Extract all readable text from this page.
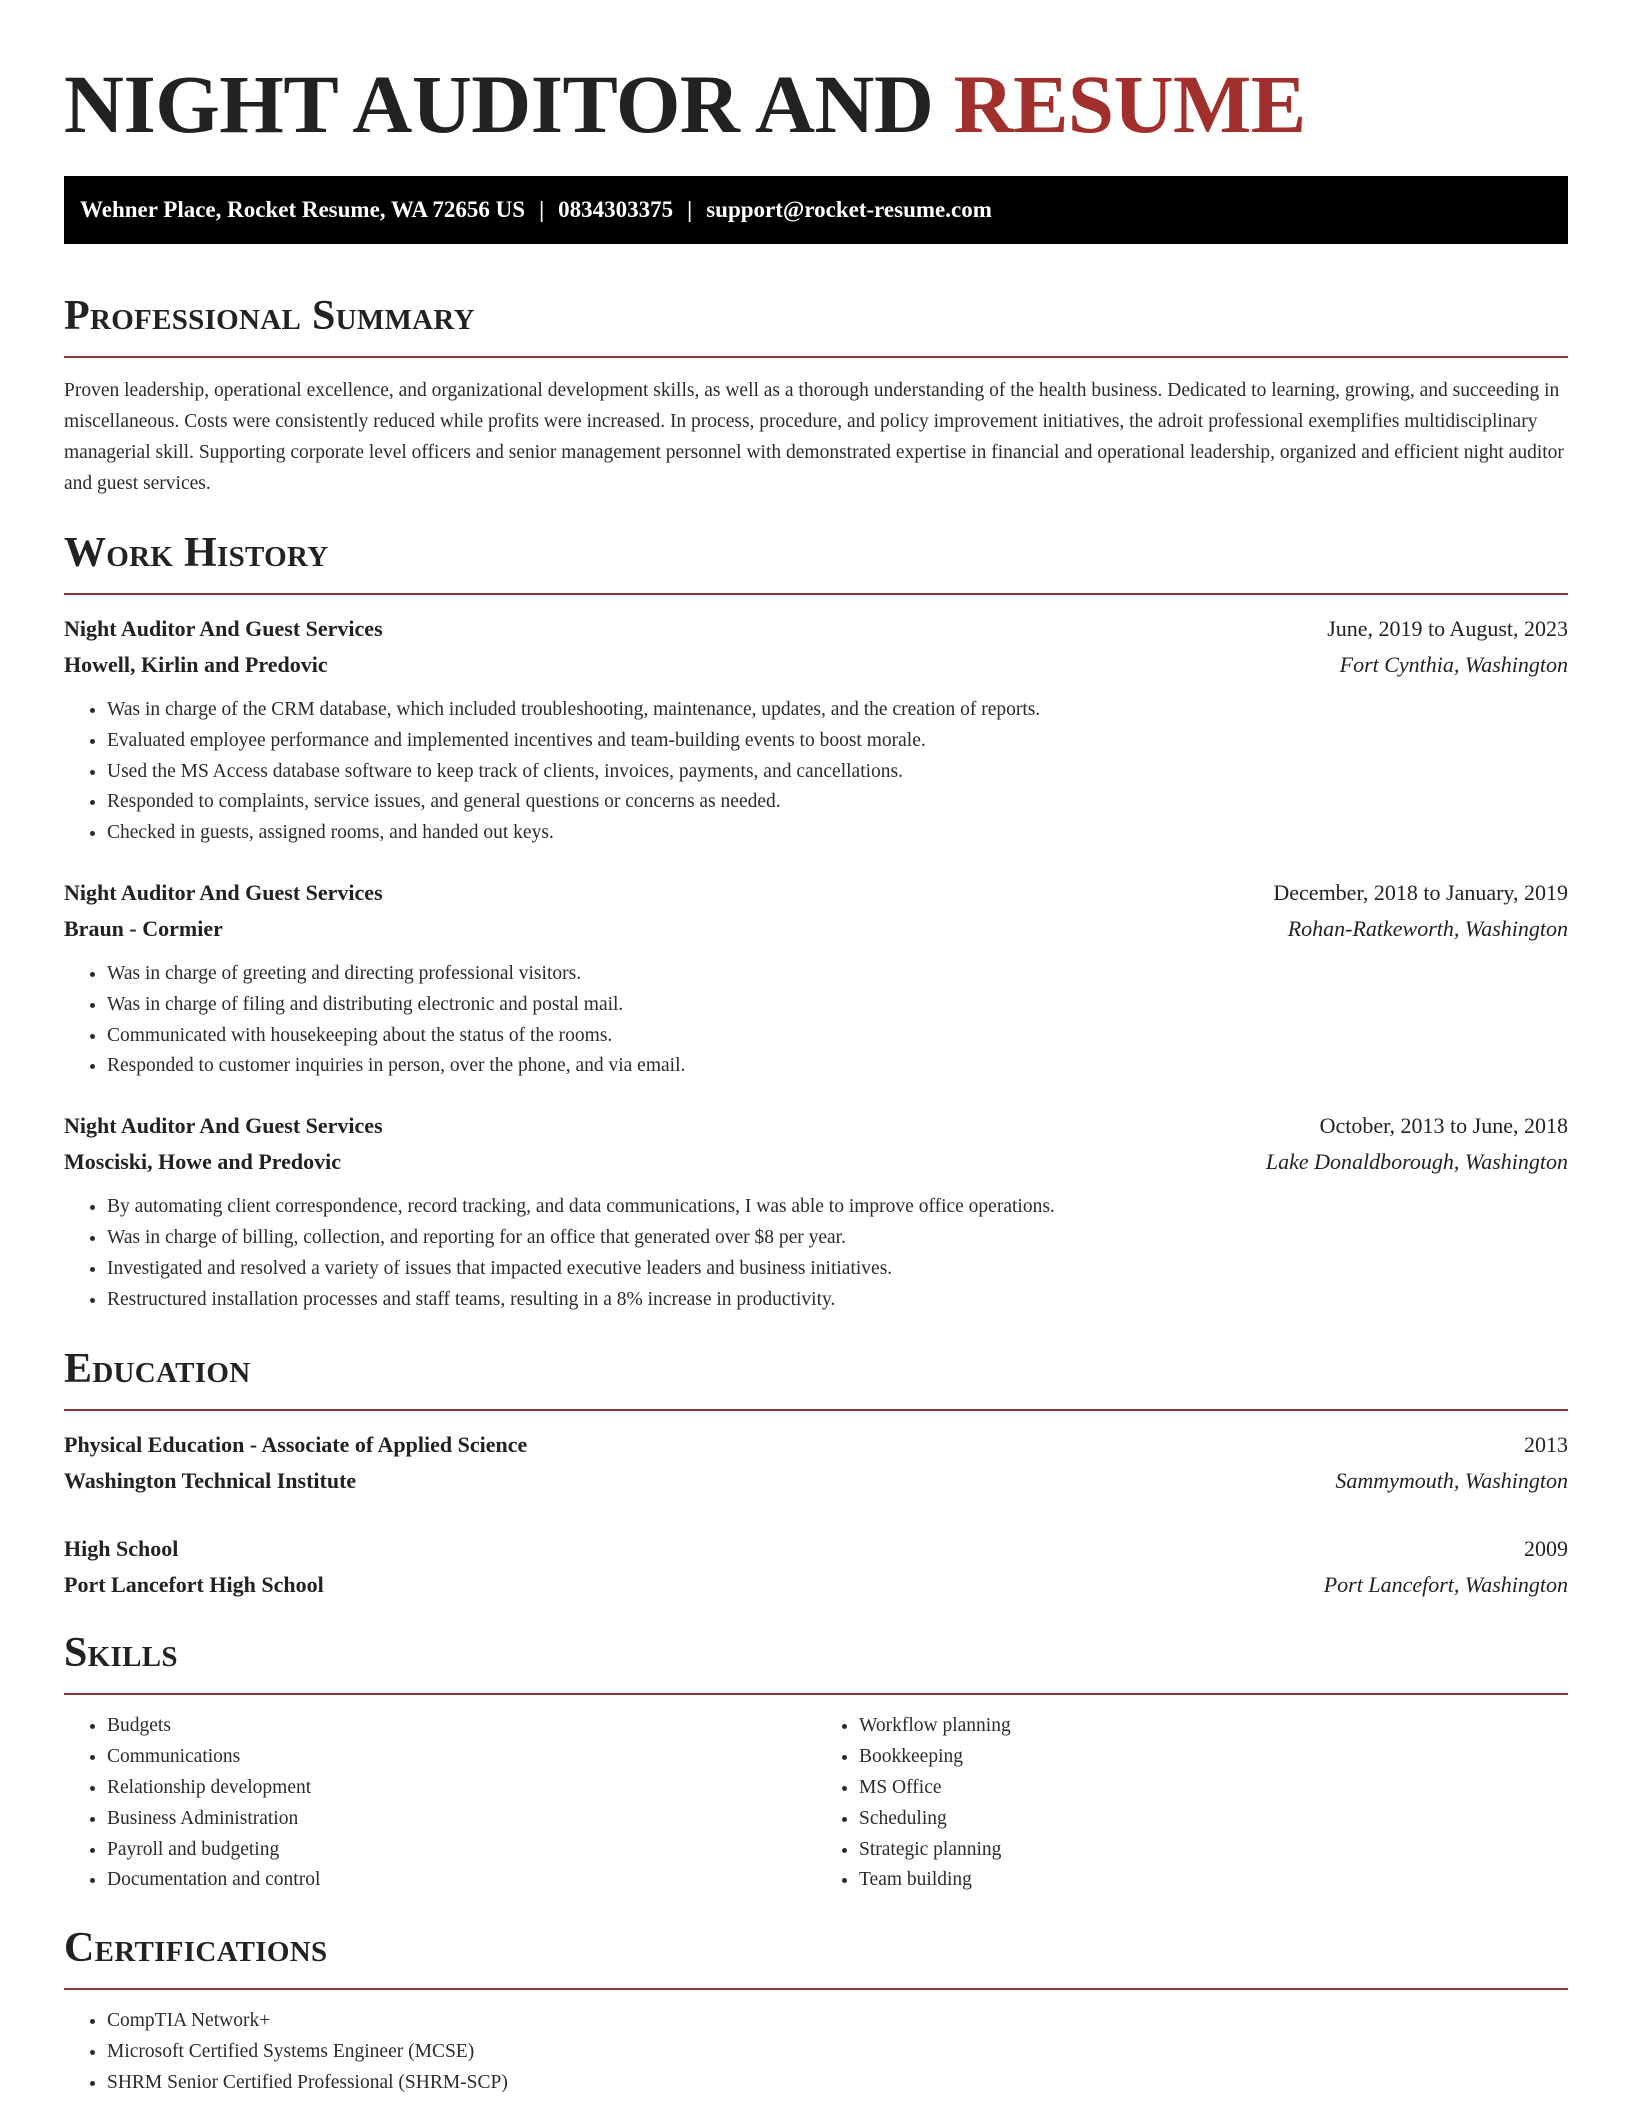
NIGHT AUDITOR AND RESUME
Wehner Place, Rocket Resume, WA 72656 US | 0834303375 | support@rocket-resume.com
Professional Summary

Proven leadership, operational excellence, and organizational development skills, as well as a thorough understanding of the health business. Dedicated to learning, growing, and succeeding in miscellaneous. Costs were consistently reduced while profits were increased. In process, procedure, and policy improvement initiatives, the adroit professional exemplifies multidisciplinary managerial skill. Supporting corporate level officers and senior management personnel with demonstrated expertise in financial and operational leadership, organized and efficient night auditor and guest services.

Work History
Night Auditor And Guest Services	June, 2019 to August, 2023
Howell, Kirlin and Predovic	Fort Cynthia, Washington
• Was in charge of the CRM database, which included troubleshooting, maintenance, updates, and the creation of reports.
• Evaluated employee performance and implemented incentives and team-building events to boost morale.
• Used the MS Access database software to keep track of clients, invoices, payments, and cancellations.
• Responded to complaints, service issues, and general questions or concerns as needed.
• Checked in guests, assigned rooms, and handed out keys.
Night Auditor And Guest Services	December, 2018 to January, 2019
Braun - Cormier	Rohan-Ratkeworth, Washington
• Was in charge of greeting and directing professional visitors.
• Was in charge of filing and distributing electronic and postal mail.
• Communicated with housekeeping about the status of the rooms.
• Responded to customer inquiries in person, over the phone, and via email.
Night Auditor And Guest Services	October, 2013 to June, 2018
Mosciski, Howe and Predovic	Lake Donaldborough, Washington
• By automating client correspondence, record tracking, and data communications, I was able to improve office operations.
• Was in charge of billing, collection, and reporting for an office that generated over $8 per year.
• Investigated and resolved a variety of issues that impacted executive leaders and business initiatives.
• Restructured installation processes and staff teams, resulting in a 8% increase in productivity.
Education
Physical Education - Associate of Applied Science	2013
Washington Technical Institute	Sammymouth, Washington
High School	2009
Port Lancefort High School	Port Lancefort, Washington
Skills
• Budgets
• Communications
• Relationship development
• Business Administration
• Payroll and budgeting
• Documentation and control
• Workflow planning
• Bookkeeping
• MS Office
• Scheduling
• Strategic planning
• Team building
Certifications
• CompTIA Network+
• Microsoft Certified Systems Engineer (MCSE)
• SHRM Senior Certified Professional (SHRM-SCP)
